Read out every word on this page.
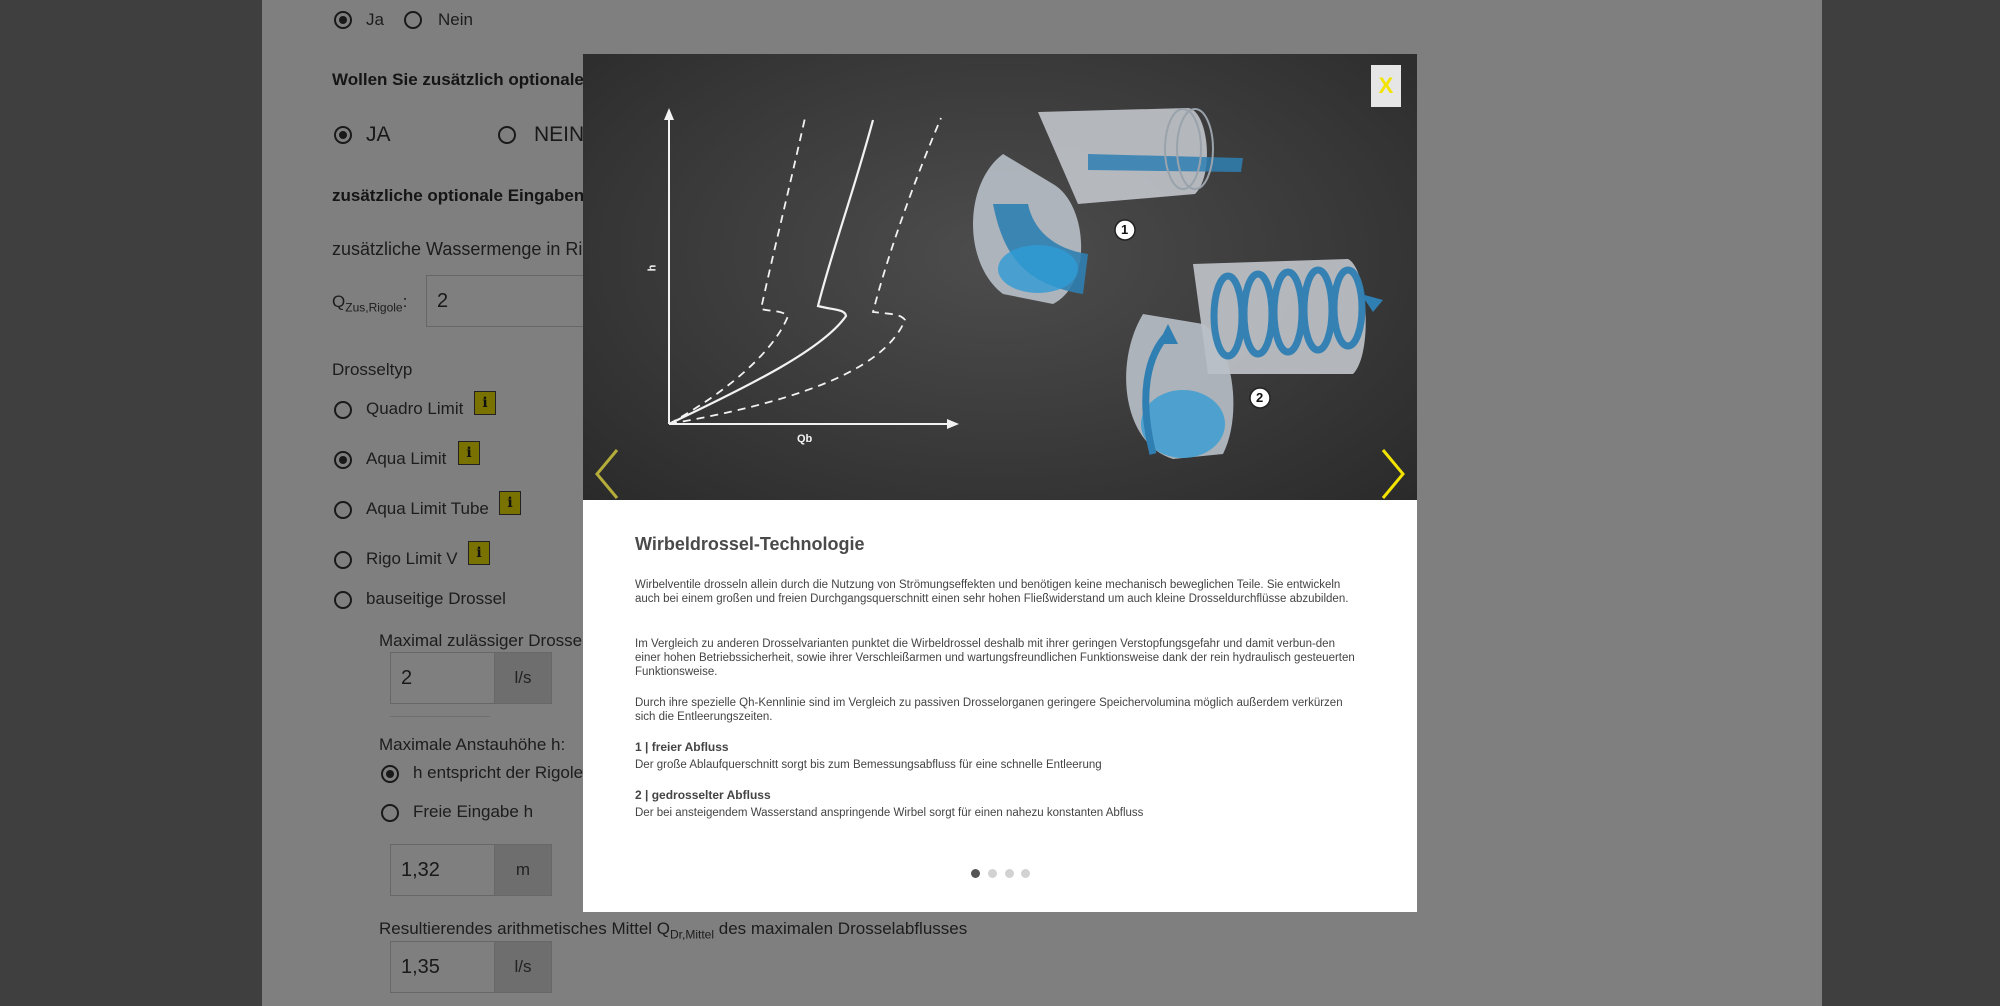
h
Qb
1
2
X
Wirbeldrossel-Technologie
Wirbelventile drosseln allein durch die Nutzung von Strömungseffekten und benötigen keine mechanisch beweglichen Teile. Sie entwickeln auch bei einem großen und freien Durchgangsquerschnitt einen sehr hohen Fließwiderstand um auch kleine Drosseldurchflüsse abzubilden.
Im Vergleich zu anderen Drosselvarianten punktet die Wirbeldrossel deshalb mit ihrer geringen Verstopfungsgefahr und damit verbun-den einer hohen Betriebssicherheit, sowie ihrer Verschleißarmen und wartungsfreundlichen Funktionsweise dank der rein hydraulisch gesteuerten Funktionsweise.
Durch ihre spezielle Qh-Kennlinie sind im Vergleich zu passiven Drosselorganen geringere Speichervolumina möglich außerdem verkürzen sich die Entleerungszeiten.
1 | freier Abfluss
Der große Ablaufquerschnitt sorgt bis zum Bemessungsabfluss für eine schnelle Entleerung
2 | gedrosselter Abfluss
Der bei ansteigendem Wasserstand anspringende Wirbel sorgt für einen nahezu konstanten Abfluss
